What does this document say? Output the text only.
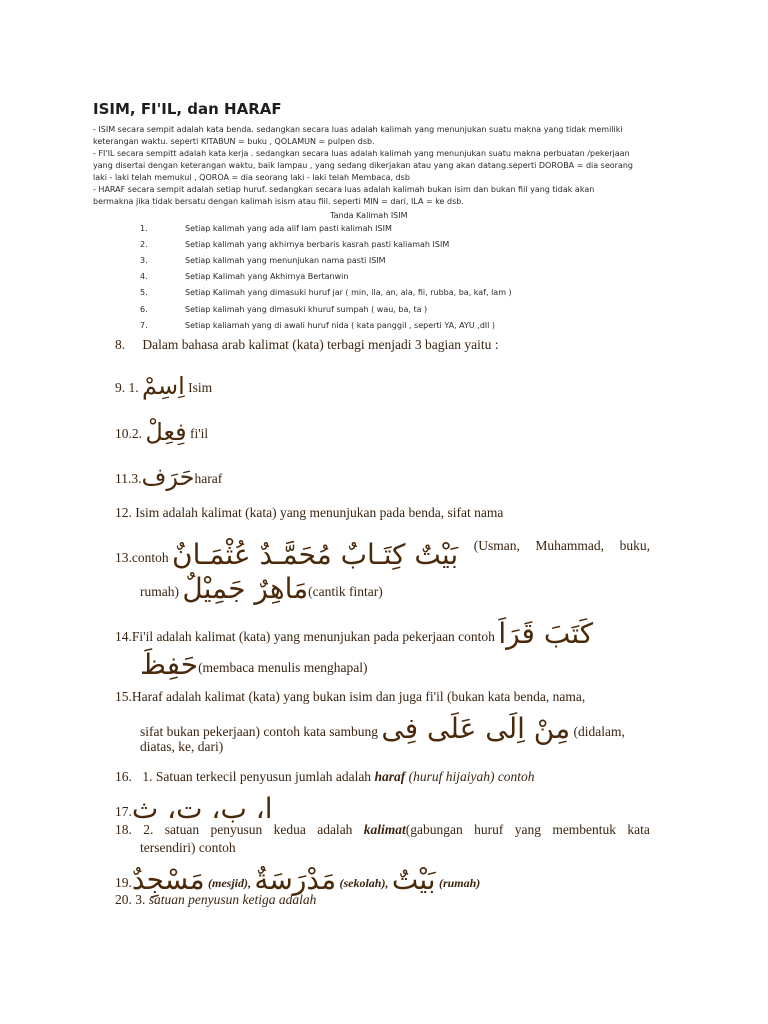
ISIM, FI'IL, dan HARAF
- ISIM secara sempit adalah kata benda. sedangkan secara luas adalah kalimah yang menunjukan suatu makna yang tidak memiliki
keterangan waktu. seperti KITABUN = buku , QOLAMUN = pulpen dsb.
- FI'IL secara sempitt adalah kata kerja . sedangkan secara luas adalah kalimah yang menunjukan suatu makna perbuatan /pekerjaan
yang disertai dengan keterangan waktu, baik lampau , yang sedang dikerjakan atau yang akan datang.seperti DOROBA = dia seorang
laki - laki telah memukul , QOROA = dia seorang laki - laki telah Membaca, dsb
- HARAF secara sempit adalah setiap huruf. sedangkan secara luas adalah kalimah bukan isim dan bukan fiil yang tidak akan
bermakna jika tidak bersatu dengan kalimah isism atau fiil. seperti MIN = dari, ILA = ke dsb.
Tanda Kalimah ISIM
1.	Setiap kalimah yang ada alif lam pasti kalimah ISIM
2.	Setiap kalimah yang akhirnya berbaris kasrah pasti kaliamah ISIM
3.	Setiap kalimah yang menunjukan nama pasti ISIM
4.	Setiap Kalimah yang Akhirnya Bertanwin
5.	Setiap Kalimah yang dimasuki huruf jar ( min, ila, an, ala, fii, rubba, ba, kaf, lam )
6.	Setiap kalimah yang dimasuki khuruf sumpah ( wau, ba, ta )
7.	Setiap kaliamah yang di awali huruf nida ( kata panggil , seperti YA, AYU ,dll )
8. Dalam bahasa arab kalimat (kata) terbagi menjadi 3 bagian yaitu :
9. 1. اِسِمْ Isim
10.2. فِعِلْ fi'il
11.3.حَرَفharaf
12. Isim adalah kalimat (kata) yang menunjukan pada benda, sifat nama
13.contoh بَيْتٌ كِتَـابٌ مُحَمَّـدٌ عُثْمَـانٌ (Usman, Muhammad, buku,
rumah) مَاهِرٌ جَمِيْلٌ(cantik fintar)
14.Fi'il adalah kalimat (kata) yang menunjukan pada pekerjaan contoh كَتَبَ قَرَاَ
حَفِظَ(membaca menulis menghapal)
15.Haraf adalah kalimat (kata) yang bukan isim dan juga fi'il (bukan kata benda, nama,
sifat bukan pekerjaan) contoh kata sambung مِنْ اِلَى عَلَى فِى (didalam,
diatas, ke, dari)
16. 1. Satuan terkecil penyusun jumlah adalah haraf (huruf hijaiyah) contoh
17.ا، ب، ت، ث
18. 2. satuan penyusun kedua adalah kalimat(gabungan huruf yang membentuk kata
tersendiri) contoh
19.مَسْجِدٌ (mesjid), مَدْرَسَةٌ (sekolah), بَيْتٌ (rumah)
20. 3. satuan penyusun ketiga adalah
